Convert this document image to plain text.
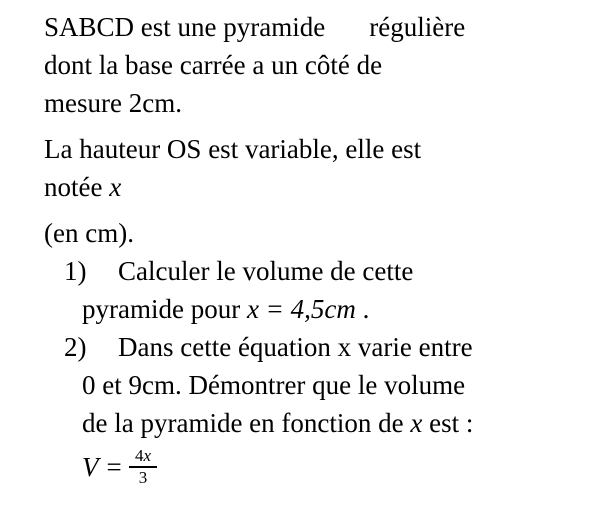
SABCD est une pyramide régulière
dont la base carrée a un côté de
mesure 2cm.
La hauteur OS est variable, elle est
notée x
(en cm).
1)	Calculer le volume de cette
pyramide pour x = 4,5cm .
2)	Dans cette équation x varie entre
0 et 9cm. Démontrer que le volume
de la pyramide en fonction de x est :
$V = \frac{4x}{3}$
